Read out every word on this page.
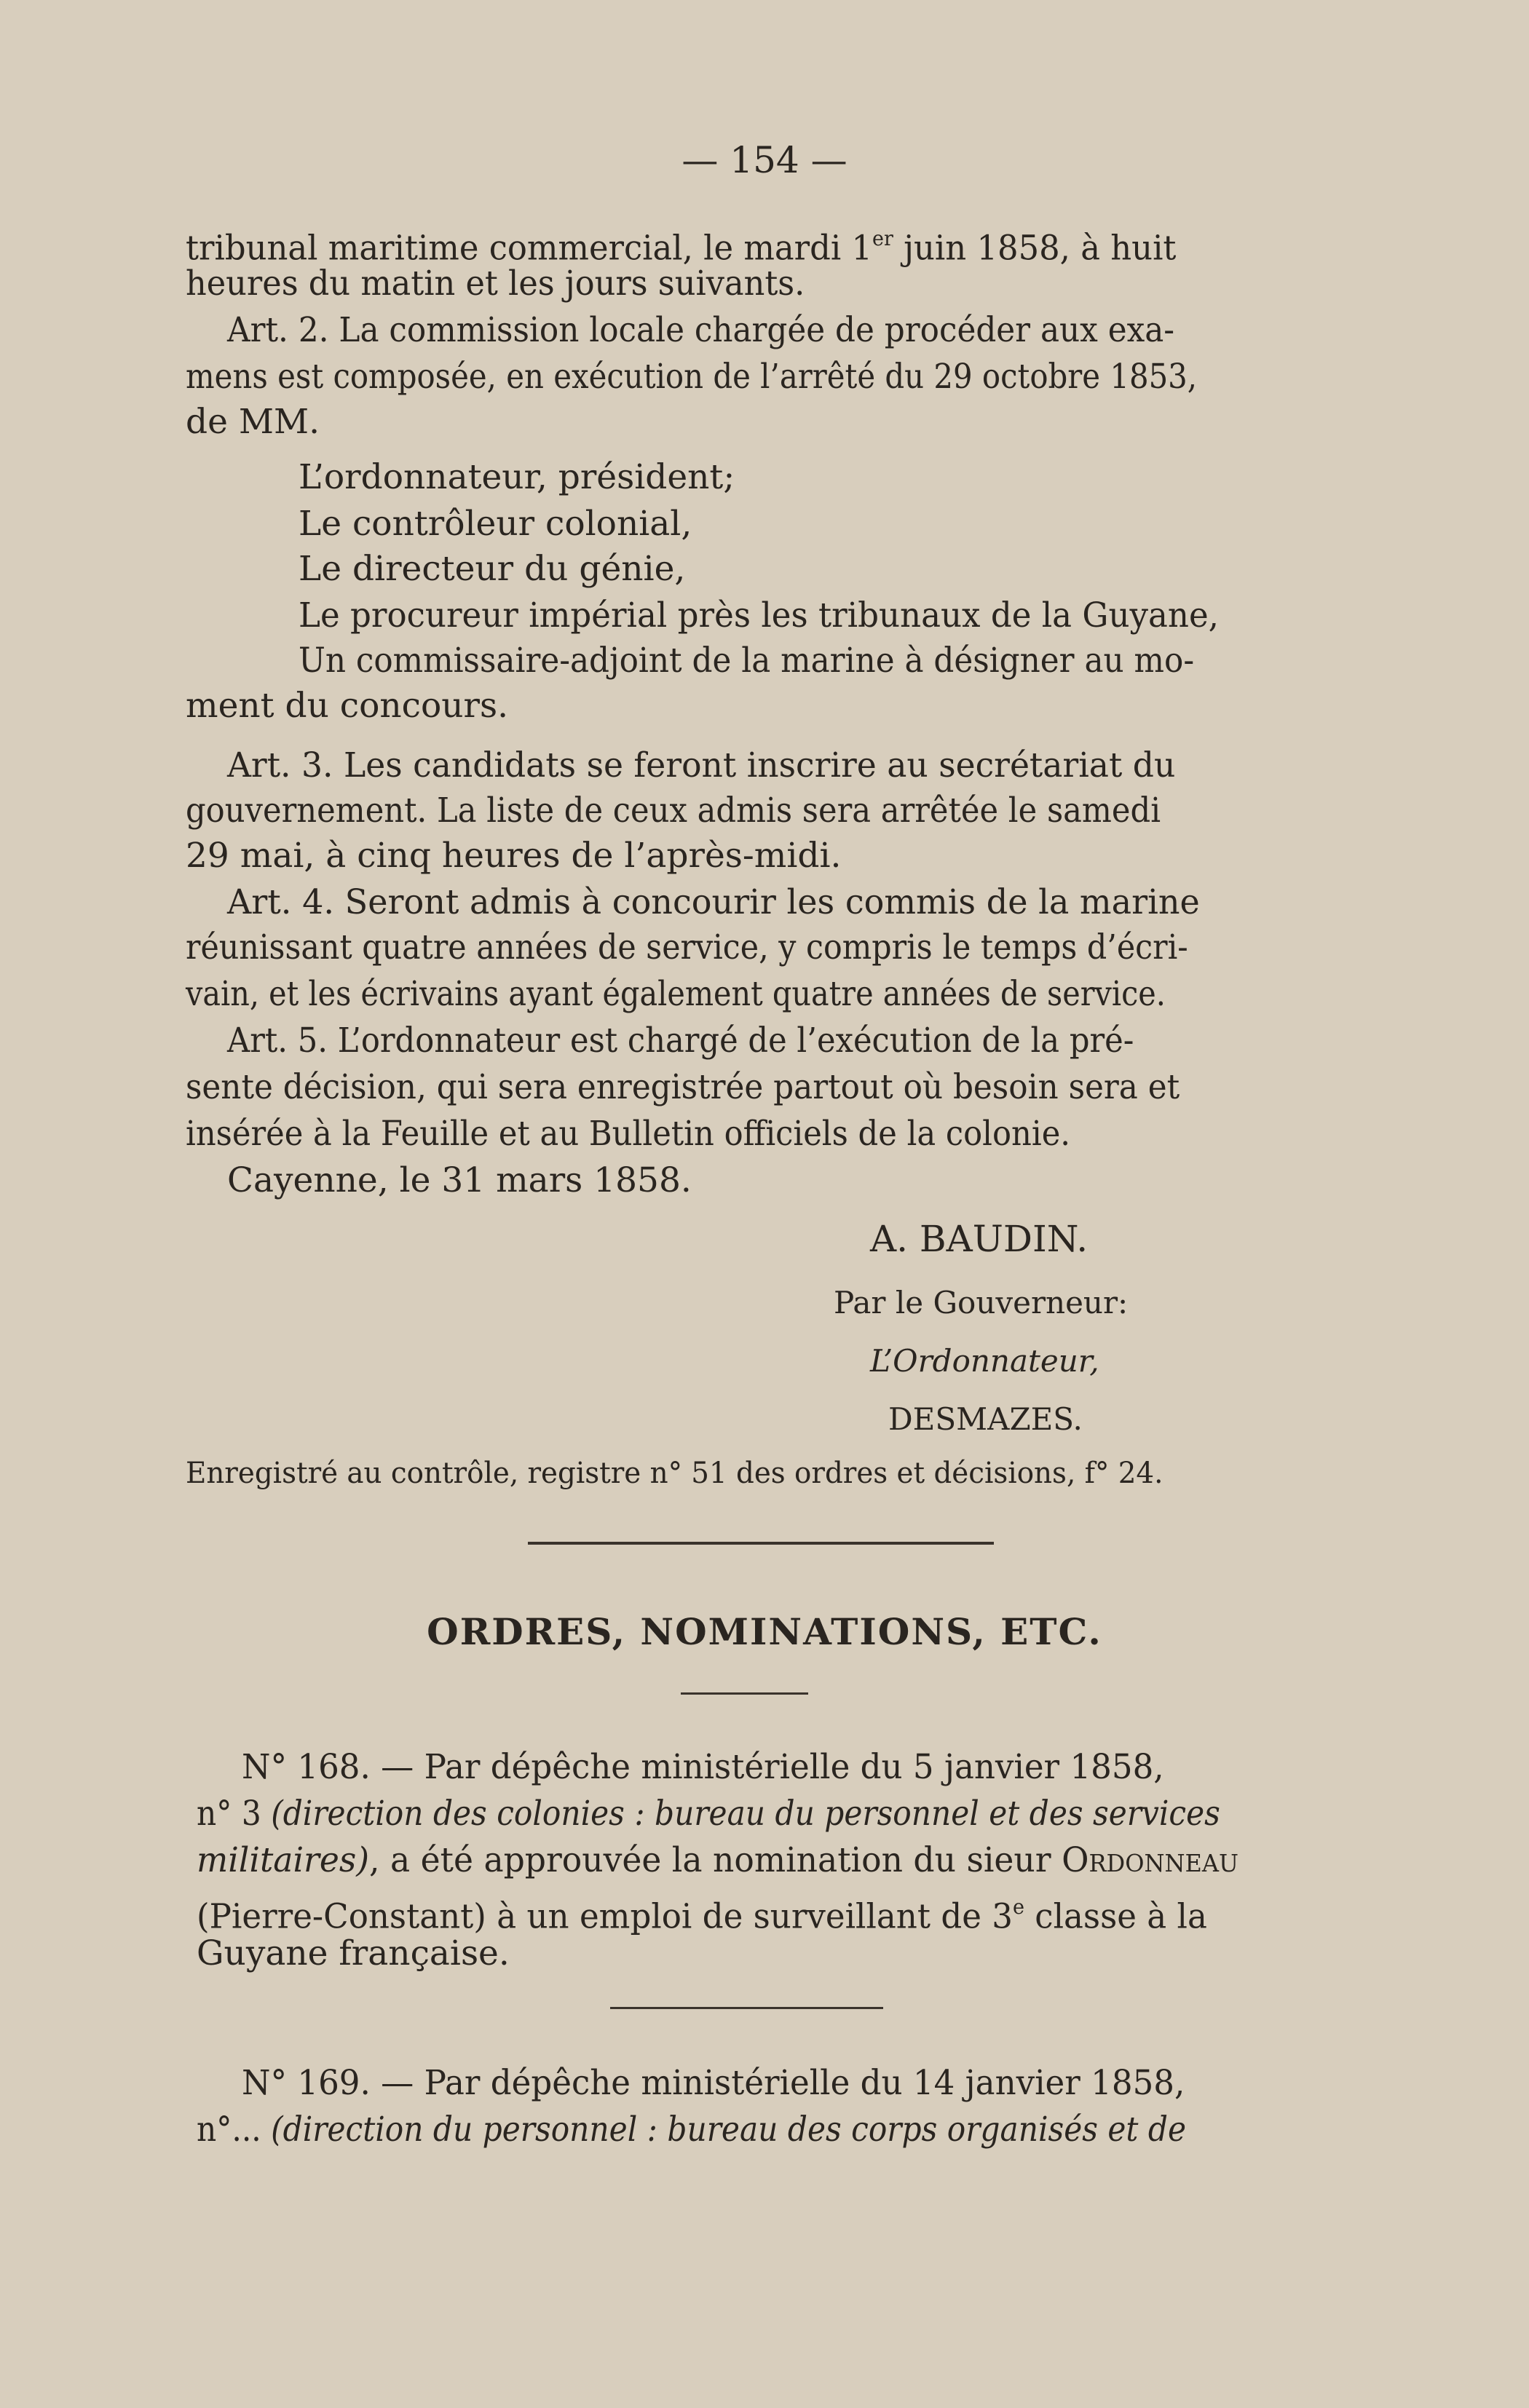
— 154 —
tribunal maritime commercial, le mardi 1er juin 1858, à huit
heures du matin et les jours suivants.
Art. 2. La commission locale chargée de procéder aux exa-
mens est composée, en exécution de l’arrêté du 29 octobre 1853,
de MM.
L’ordonnateur, président;
Le contrôleur colonial,
Le directeur du génie,
Le procureur impérial près les tribunaux de la Guyane,
Un commissaire-adjoint de la marine à désigner au mo-
ment du concours.
Art. 3. Les candidats se feront inscrire au secrétariat du
gouvernement. La liste de ceux admis sera arrêtée le samedi
29 mai, à cinq heures de l’après-midi.
Art. 4. Seront admis à concourir les commis de la marine
réunissant quatre années de service, y compris le temps d’écri-
vain, et les écrivains ayant également quatre années de service.
Art. 5. L’ordonnateur est chargé de l’exécution de la pré-
sente décision, qui sera enregistrée partout où besoin sera et
insérée à la Feuille et au Bulletin officiels de la colonie.
Cayenne, le 31 mars 1858.
A. BAUDIN.
Par le Gouverneur:
L’Ordonnateur,
DESMAZES.
Enregistré au contrôle, registre n° 51 des ordres et décisions, f° 24.
ORDRES, NOMINATIONS, ETC.
N° 168. — Par dépêche ministérielle du 5 janvier 1858,
n° 3 (direction des colonies : bureau du personnel et des services
militaires), a été approuvée la nomination du sieur Ordonneau
(Pierre-Constant) à un emploi de surveillant de 3e classe à la
Guyane française.
N° 169. — Par dépêche ministérielle du 14 janvier 1858,
n°... (direction du personnel : bureau des corps organisés et de
